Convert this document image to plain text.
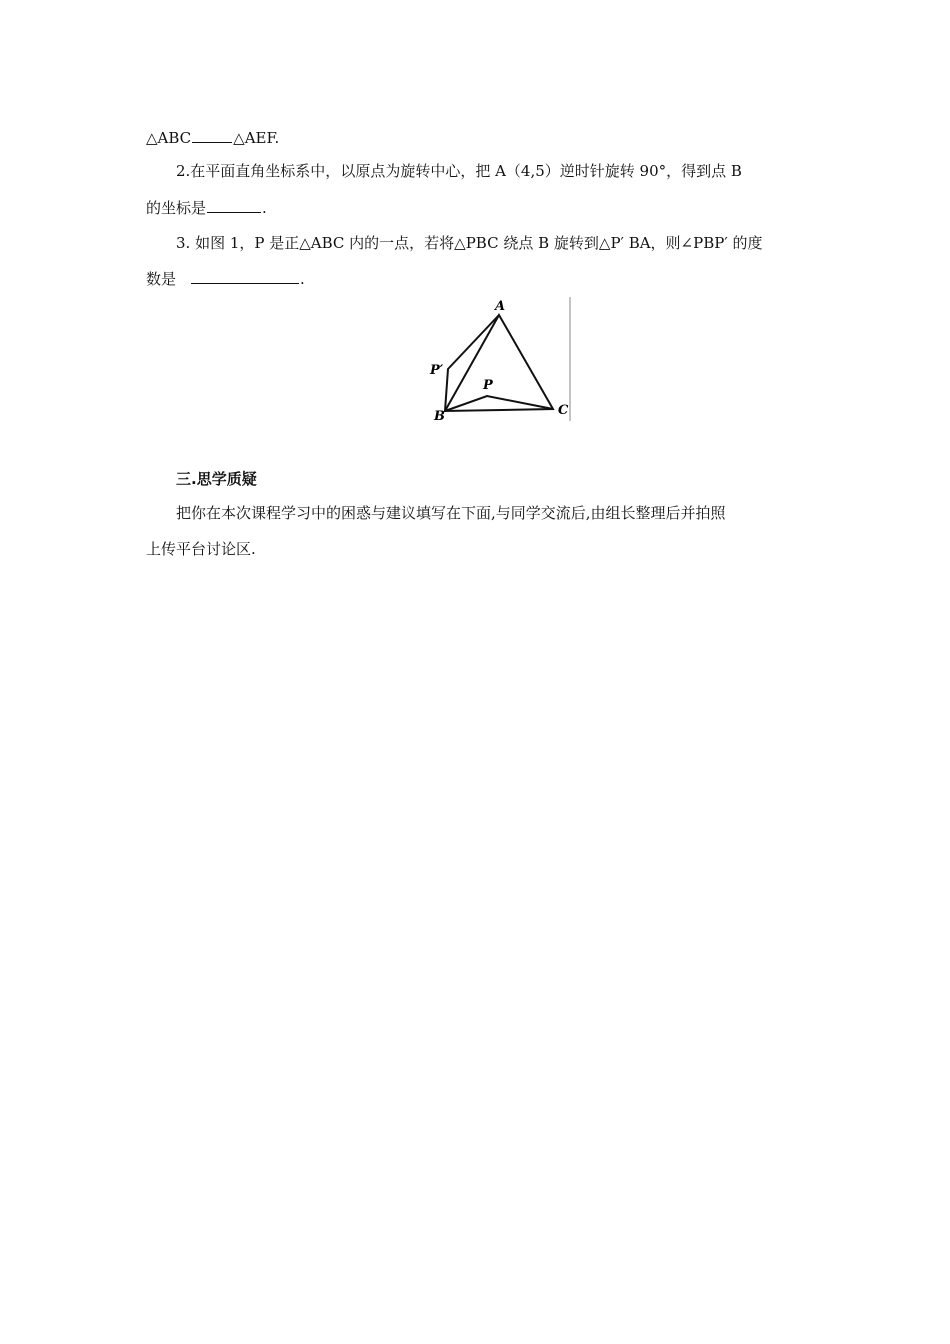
△ABC	△AEF.
2.在平面直角坐标系中，以原点为旋转中心，把 A（4,5）逆时针旋转 90°，得到点 B
的坐标是	.
3. 如图 1，P 是正△ABC 内的一点，若将△PBC 绕点 B 旋转到△P′ BA，则∠PBP′ 的度
数是	.
A
B	C
P
P′
三.思学质疑
把你在本次课程学习中的困惑与建议填写在下面,与同学交流后,由组长整理后并拍照
上传平台讨论区.
